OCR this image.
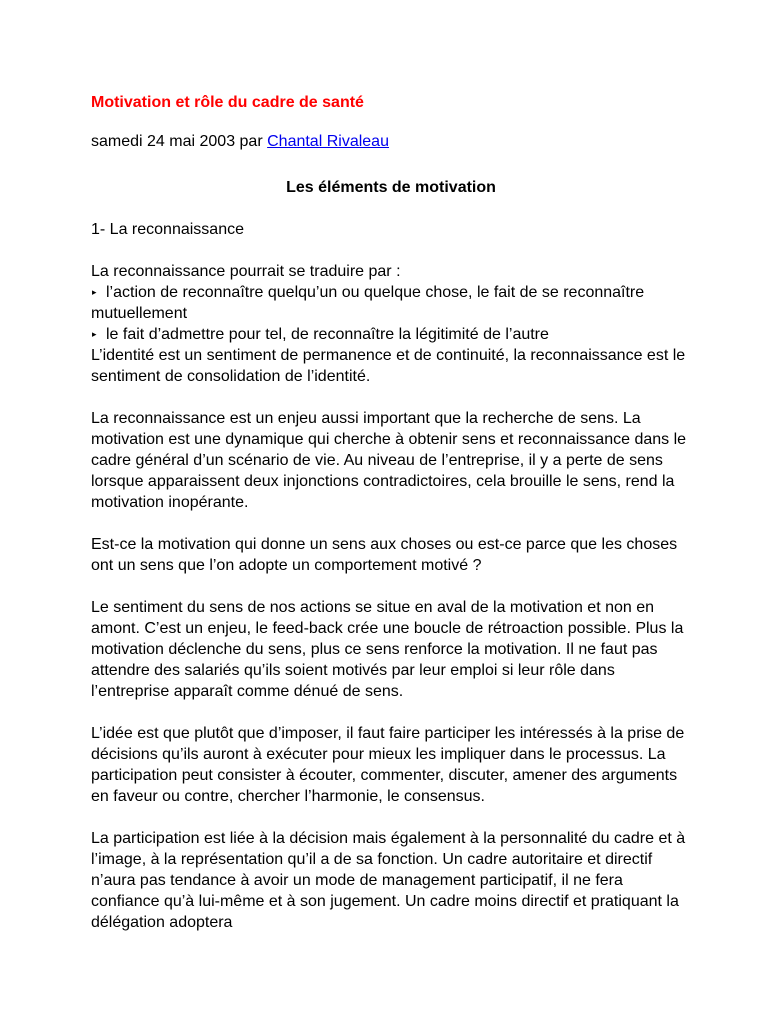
Motivation et rôle du cadre de santé
samedi 24 mai 2003 par Chantal Rivaleau
Les éléments de motivation
1- La reconnaissance

La reconnaissance pourrait se traduire par :
▸ l’action de reconnaître quelqu’un ou quelque chose, le fait de se reconnaître mutuellement
▸ le fait d’admettre pour tel, de reconnaître la légitimité de l’autre
L’identité est un sentiment de permanence et de continuité, la reconnaissance est le sentiment de consolidation de l’identité.

La reconnaissance est un enjeu aussi important que la recherche de sens. La motivation est une dynamique qui cherche à obtenir sens et reconnaissance dans le cadre général d’un scénario de vie. Au niveau de l’entreprise, il y a perte de sens lorsque apparaissent deux injonctions contradictoires, cela brouille le sens, rend la motivation inopérante.

Est-ce la motivation qui donne un sens aux choses ou est-ce parce que les choses ont un sens que l’on adopte un comportement motivé ?

Le sentiment du sens de nos actions se situe en aval de la motivation et non en amont. C’est un enjeu, le feed-back crée une boucle de rétroaction possible. Plus la motivation déclenche du sens, plus ce sens renforce la motivation. Il ne faut pas attendre des salariés qu’ils soient motivés par leur emploi si leur rôle dans l’entreprise apparaît comme dénué de sens.

L’idée est que plutôt que d’imposer, il faut faire participer les intéressés à la prise de décisions qu’ils auront à exécuter pour mieux les impliquer dans le processus. La participation peut consister à écouter, commenter, discuter, amener des arguments en faveur ou contre, chercher l’harmonie, le consensus.

La participation est liée à la décision mais également à la personnalité du cadre et à l’image, à la représentation qu’il a de sa fonction. Un cadre autoritaire et directif n’aura pas tendance à avoir un mode de management participatif, il ne fera confiance qu’à lui-même et à son jugement. Un cadre moins directif et pratiquant la délégation adoptera
